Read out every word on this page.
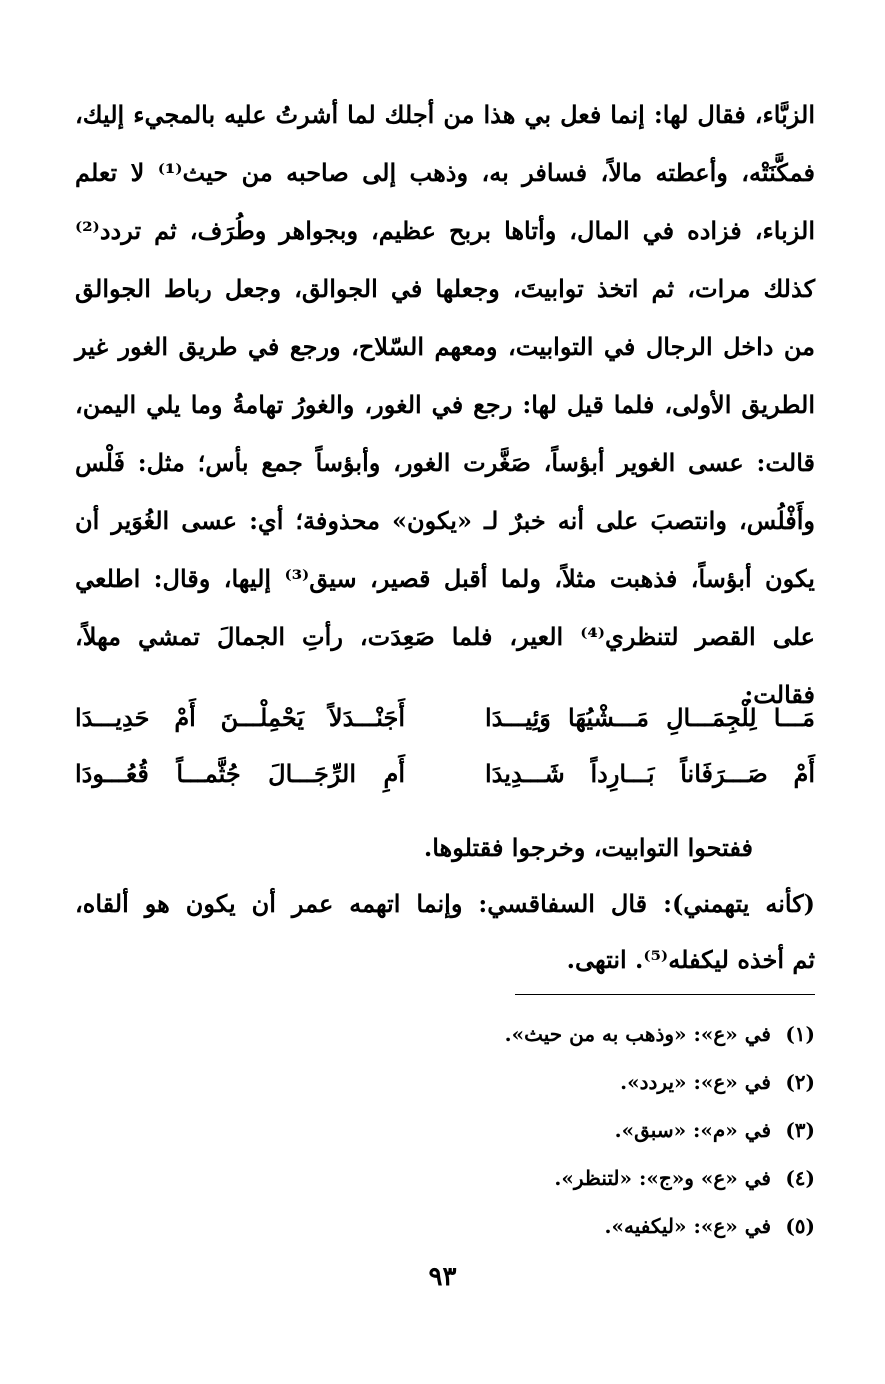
الزبَّاء، فقال لها: إنما فعل بي هذا من أجلك لما أشرتُ عليه بالمجيء إليك،
فمكَّنَتْه، وأعطته مالاً، فسافر به، وذهب إلى صاحبه من حيث⁽¹⁾ لا تعلم
الزباء، فزاده في المال، وأتاها بربح عظيم، وبجواهر وطُرَف، ثم تردد⁽²⁾
كذلك مرات، ثم اتخذ توابيتَ، وجعلها في الجوالق، وجعل رباط الجوالق
من داخل الرجال في التوابيت، ومعهم السّلاح، ورجع في طريق الغور غير
الطريق الأولى، فلما قيل لها: رجع في الغور، والغورُ تهامةُ وما يلي اليمن،
قالت: عسى الغوير أبؤساً، صَغَّرت الغور، وأبؤساً جمع بأس؛ مثل: فَلْس
وأَفْلُس، وانتصبَ على أنه خبرٌ لـ «يكون» محذوفة؛ أي: عسى الغُوَير أن
يكون أبؤساً، فذهبت مثلاً، ولما أقبل قصير، سيق⁽³⁾ إليها، وقال: اطلعي
على القصر لتنظري⁽⁴⁾ العير، فلما صَعِدَت، رأتِ الجمالَ تمشي مهلاً،
فقالت:
مَـــا لِلْجِمَـــالِ مَـــشْيُهَا وَئِيـــدَا
أَجَنْـــدَلاً يَحْمِلْـــنَ أَمْ حَدِيـــدَا
أَمْ صَـــرَفَاناً بَـــارِداً شَـــدِيدَا
أَمِ الرِّجَـــالَ جُثَّمـــاً قُعُـــودَا
ففتحوا التوابيت، وخرجوا فقتلوها.
(كأنه يتهمني): قال السفاقسي: وإنما اتهمه عمر أن يكون هو ألقاه،
ثم أخذه ليكفله⁽⁵⁾. انتهى.
(١)في «ع»: «وذهب به من حيث».
(٢)في «ع»: «يردد».
(٣)في «م»: «سبق».
(٤)في «ع» و«ج»: «لتنظر».
(٥)في «ع»: «ليكفيه».
٩٣
